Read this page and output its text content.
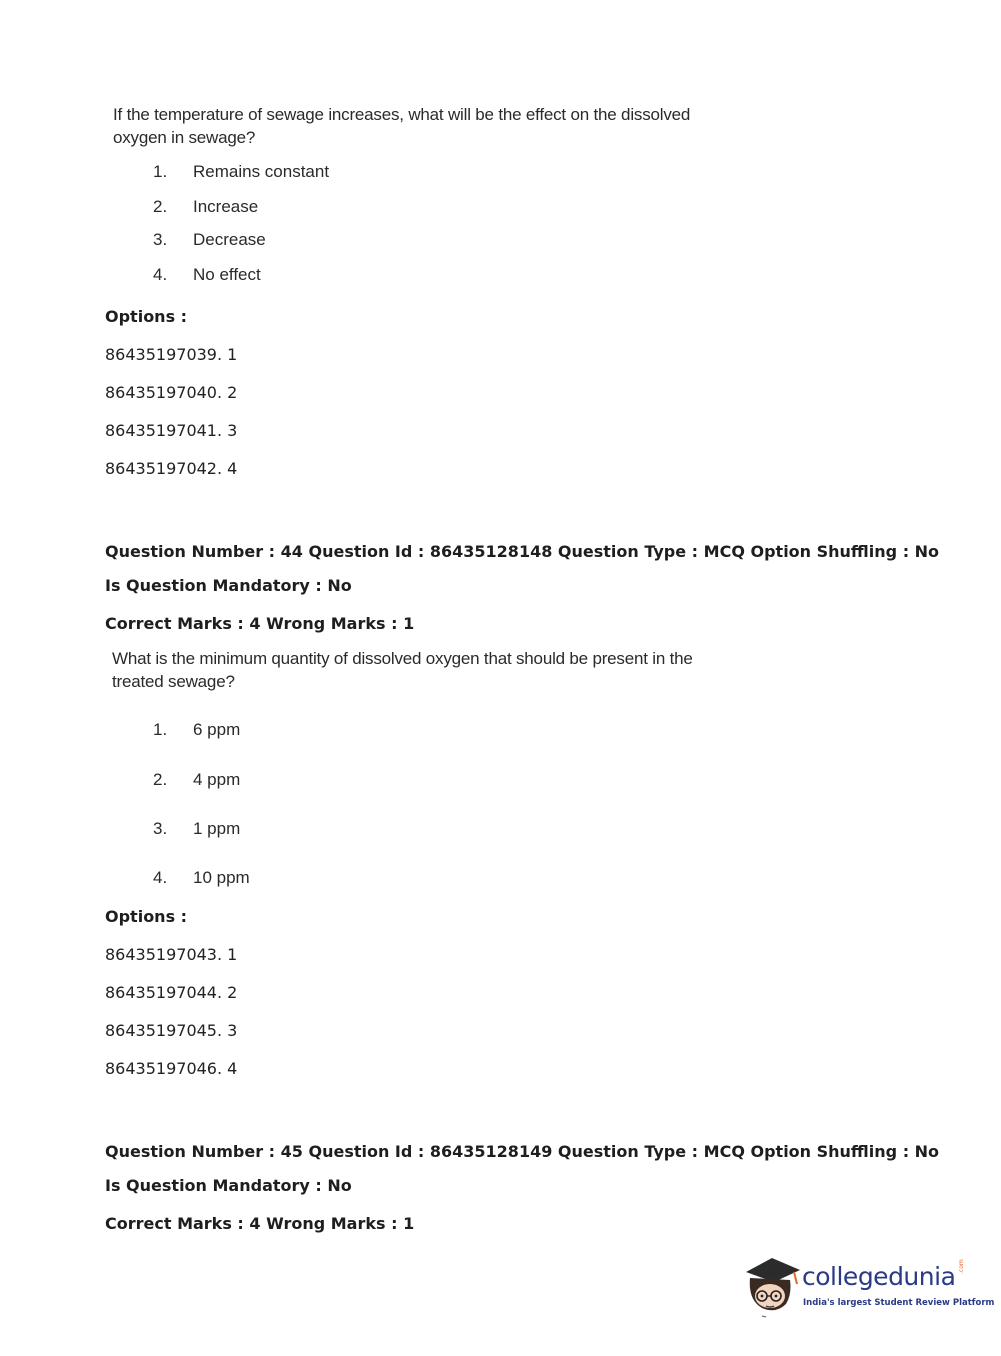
If the temperature of sewage increases, what will be the effect on the dissolved
oxygen in sewage?
1.	Remains constant
2.	Increase
3.	Decrease
4.	No effect
Options :
86435197039. 1
86435197040. 2
86435197041. 3
86435197042. 4
Question Number : 44 Question Id : 86435128148 Question Type : MCQ Option Shuffling : No
Is Question Mandatory : No
Correct Marks : 4 Wrong Marks : 1
What is the minimum quantity of dissolved oxygen that should be present in the
treated sewage?
1.	6 ppm
2.	4 ppm
3.	1 ppm
4.	10 ppm
Options :
86435197043. 1
86435197044. 2
86435197045. 3
86435197046. 4
Question Number : 45 Question Id : 86435128149 Question Type : MCQ Option Shuffling : No
Is Question Mandatory : No
Correct Marks : 4 Wrong Marks : 1
collegedunia .com
India's largest Student Review Platform
